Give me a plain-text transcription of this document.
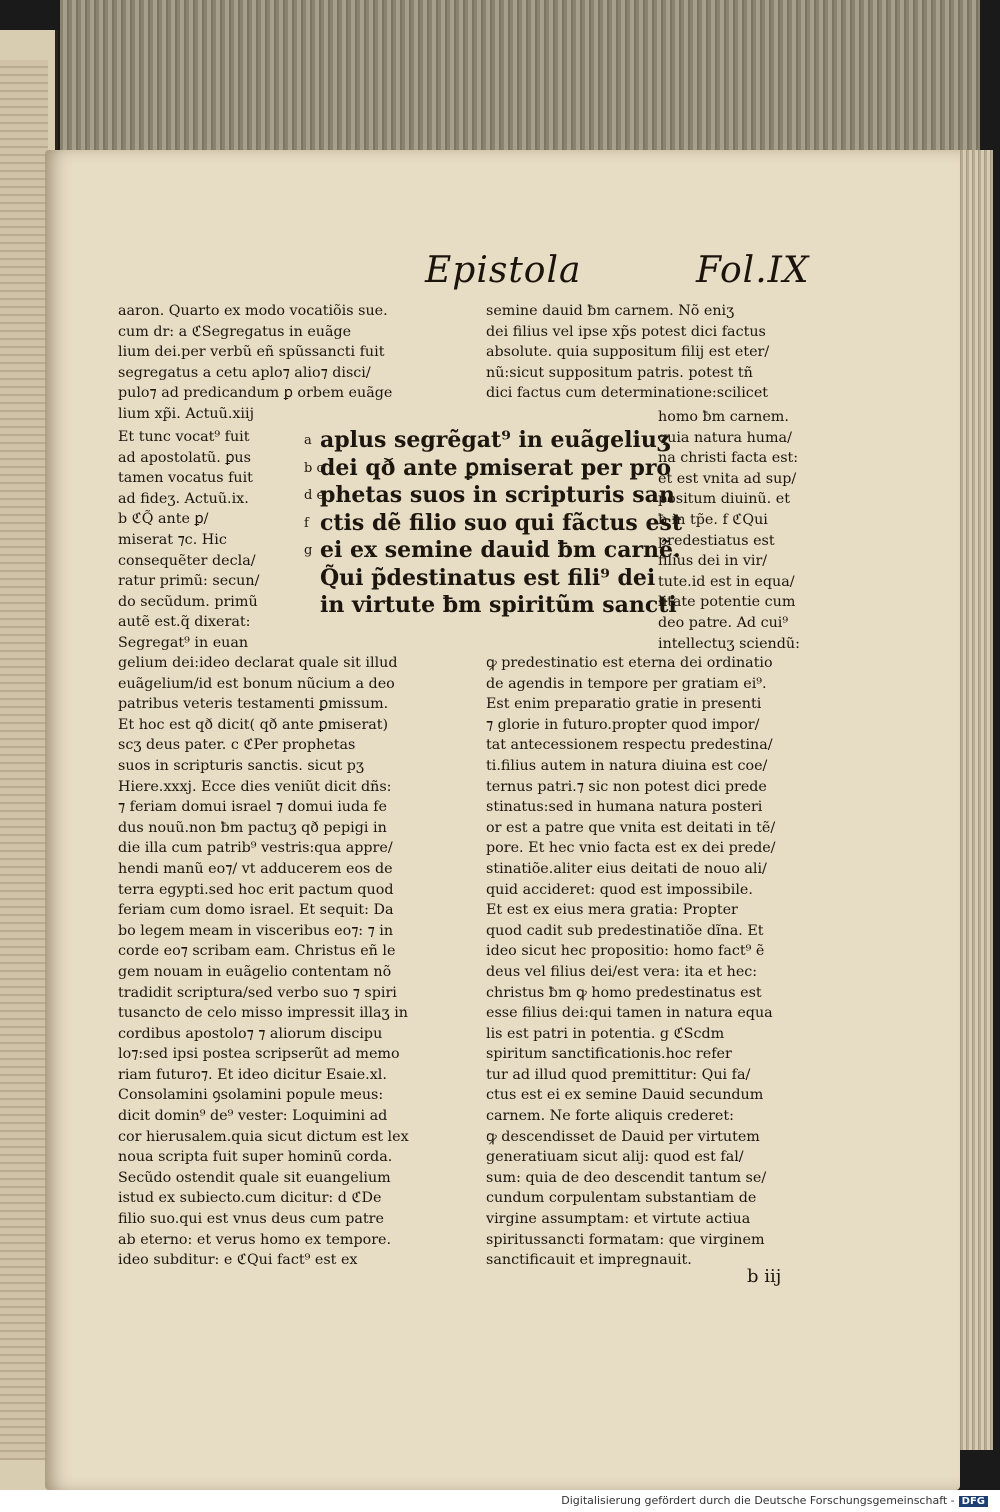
Epistola	Fol.IX
aaron. Quarto ex modo vocatiõis sue.
cum dr: a ℭSegregatus in euãge
lium dei.per verbũ eñ spũssancti fuit
segregatus a cetu aplo⁊ alio⁊ disci/
pulo⁊ ad predicandum ꝑ orbem euãge
lium xp̃i. Actuũ.xiij
semine dauid ƀm carnem. Nõ eniʒ
dei filius vel ipse xp̃s potest dici factus
absolute. quia suppositum filij est eter/
nũ:sicut suppositum patris. potest tñ
dici factus cum determinatione:scilicet
Et tunc vocat⁹ fuit
ad apostolatũ. ꝑus
tamen vocatus fuit
ad fideʒ. Actuũ.ix.
b ℭQ̃ ante ꝑ/
miserat ⁊c. Hic
consequẽter decla/
ratur primũ: secun/
do secũdum. primũ
autẽ est.q̃ dixerat:
Segregat⁹ in euan
aplus segrẽgat⁹ in euãgeliuʒ
dei qð ante ꝑmiserat per pro
phetas suos in scripturis san
ctis dẽ filio suo qui fãctus est
ei ex semine dauid ƀm carnẽ.
Q̃ui p̃destinatus est fili⁹ dei
in virtute ƀm spiritũm sancti
a
b c
d e
f
g
homo ƀm carnem.
quia natura huma/
na christi facta est:
et est vnita ad sup/
positum diuinũ. et
ƀ in tp̃e. f ℭQui
predestiatus est
filius dei in vir/
tute.id est in equa/
litate potentie cum
deo patre. Ad cui⁹
intellectuʒ sciendũ:
gelium dei:ideo declarat quale sit illud
euãgelium/id est bonum nũcium a deo
patribus veteris testamenti ꝑmissum.
Et hoc est qð dicit( qð ante ꝑmiserat)
scʒ deus pater. c ℭPer prophetas
suos in scripturis sanctis. sicut pʒ
Hiere.xxxj. Ecce dies veniũt dicit dñs:
⁊ feriam domui israel ⁊ domui iuda fe
dus nouũ.non ƀm pactuʒ qð pepigi in
die illa cum patrib⁹ vestris:qua appre/
hendi manũ eo⁊/ vt adducerem eos de
terra egypti.sed hoc erit pactum quod
feriam cum domo israel. Et sequit: Da
bo legem meam in visceribus eo⁊: ⁊ in
corde eo⁊ scribam eam. Christus eñ le
gem nouam in euãgelio contentam nõ
tradidit scriptura/sed verbo suo ⁊ spiri
tusancto de celo misso impressit illaʒ in
cordibus apostolo⁊ ⁊ aliorum discipu
lo⁊:sed ipsi postea scripserũt ad memo
riam futuro⁊. Et ideo dicitur Esaie.xl.
Consolamini ꝯsolamini popule meus:
dicit domin⁹ de⁹ vester: Loquimini ad
cor hierusalem.quia sicut dictum est lex
noua scripta fuit super hominũ corda.
Secũdo ostendit quale sit euangelium
istud ex subiecto.cum dicitur: d ℭDe
filio suo.qui est vnus deus cum patre
ab eterno: et verus homo ex tempore.
ideo subditur: e ℭQui fact⁹ est ex
ꝙ predestinatio est eterna dei ordinatio
de agendis in tempore per gratiam ei⁹.
Est enim preparatio gratie in presenti
⁊ glorie in futuro.propter quod impor/
tat antecessionem respectu predestina/
ti.filius autem in natura diuina est coe/
ternus patri.⁊ sic non potest dici prede
stinatus:sed in humana natura posteri
or est a patre que vnita est deitati in tẽ/
pore. Et hec vnio facta est ex dei prede/
stinatiõe.aliter eius deitati de nouo ali/
quid accideret: quod est impossibile.
Et est ex eius mera gratia: Propter
quod cadit sub predestinatiõe dĩna. Et
ideo sicut hec propositio: homo fact⁹ ẽ
deus vel filius dei/est vera: ita et hec:
christus ƀm ꝙ homo predestinatus est
esse filius dei:qui tamen in natura equa
lis est patri in potentia. g ℭScdm
spiritum sanctificationis.hoc refer
tur ad illud quod premittitur: Qui fa/
ctus est ei ex semine Dauid secundum
carnem. Ne forte aliquis crederet:
ꝙ descendisset de Dauid per virtutem
generatiuam sicut alij: quod est fal/
sum: quia de deo descendit tantum se/
cundum corpulentam substantiam de
virgine assumptam: et virtute actiua
spiritussancti formatam: que virginem
sanctificauit et impregnauit.
b iij
Digitalisierung gefördert durch die Deutsche Forschungsgemeinschaft - DFG
